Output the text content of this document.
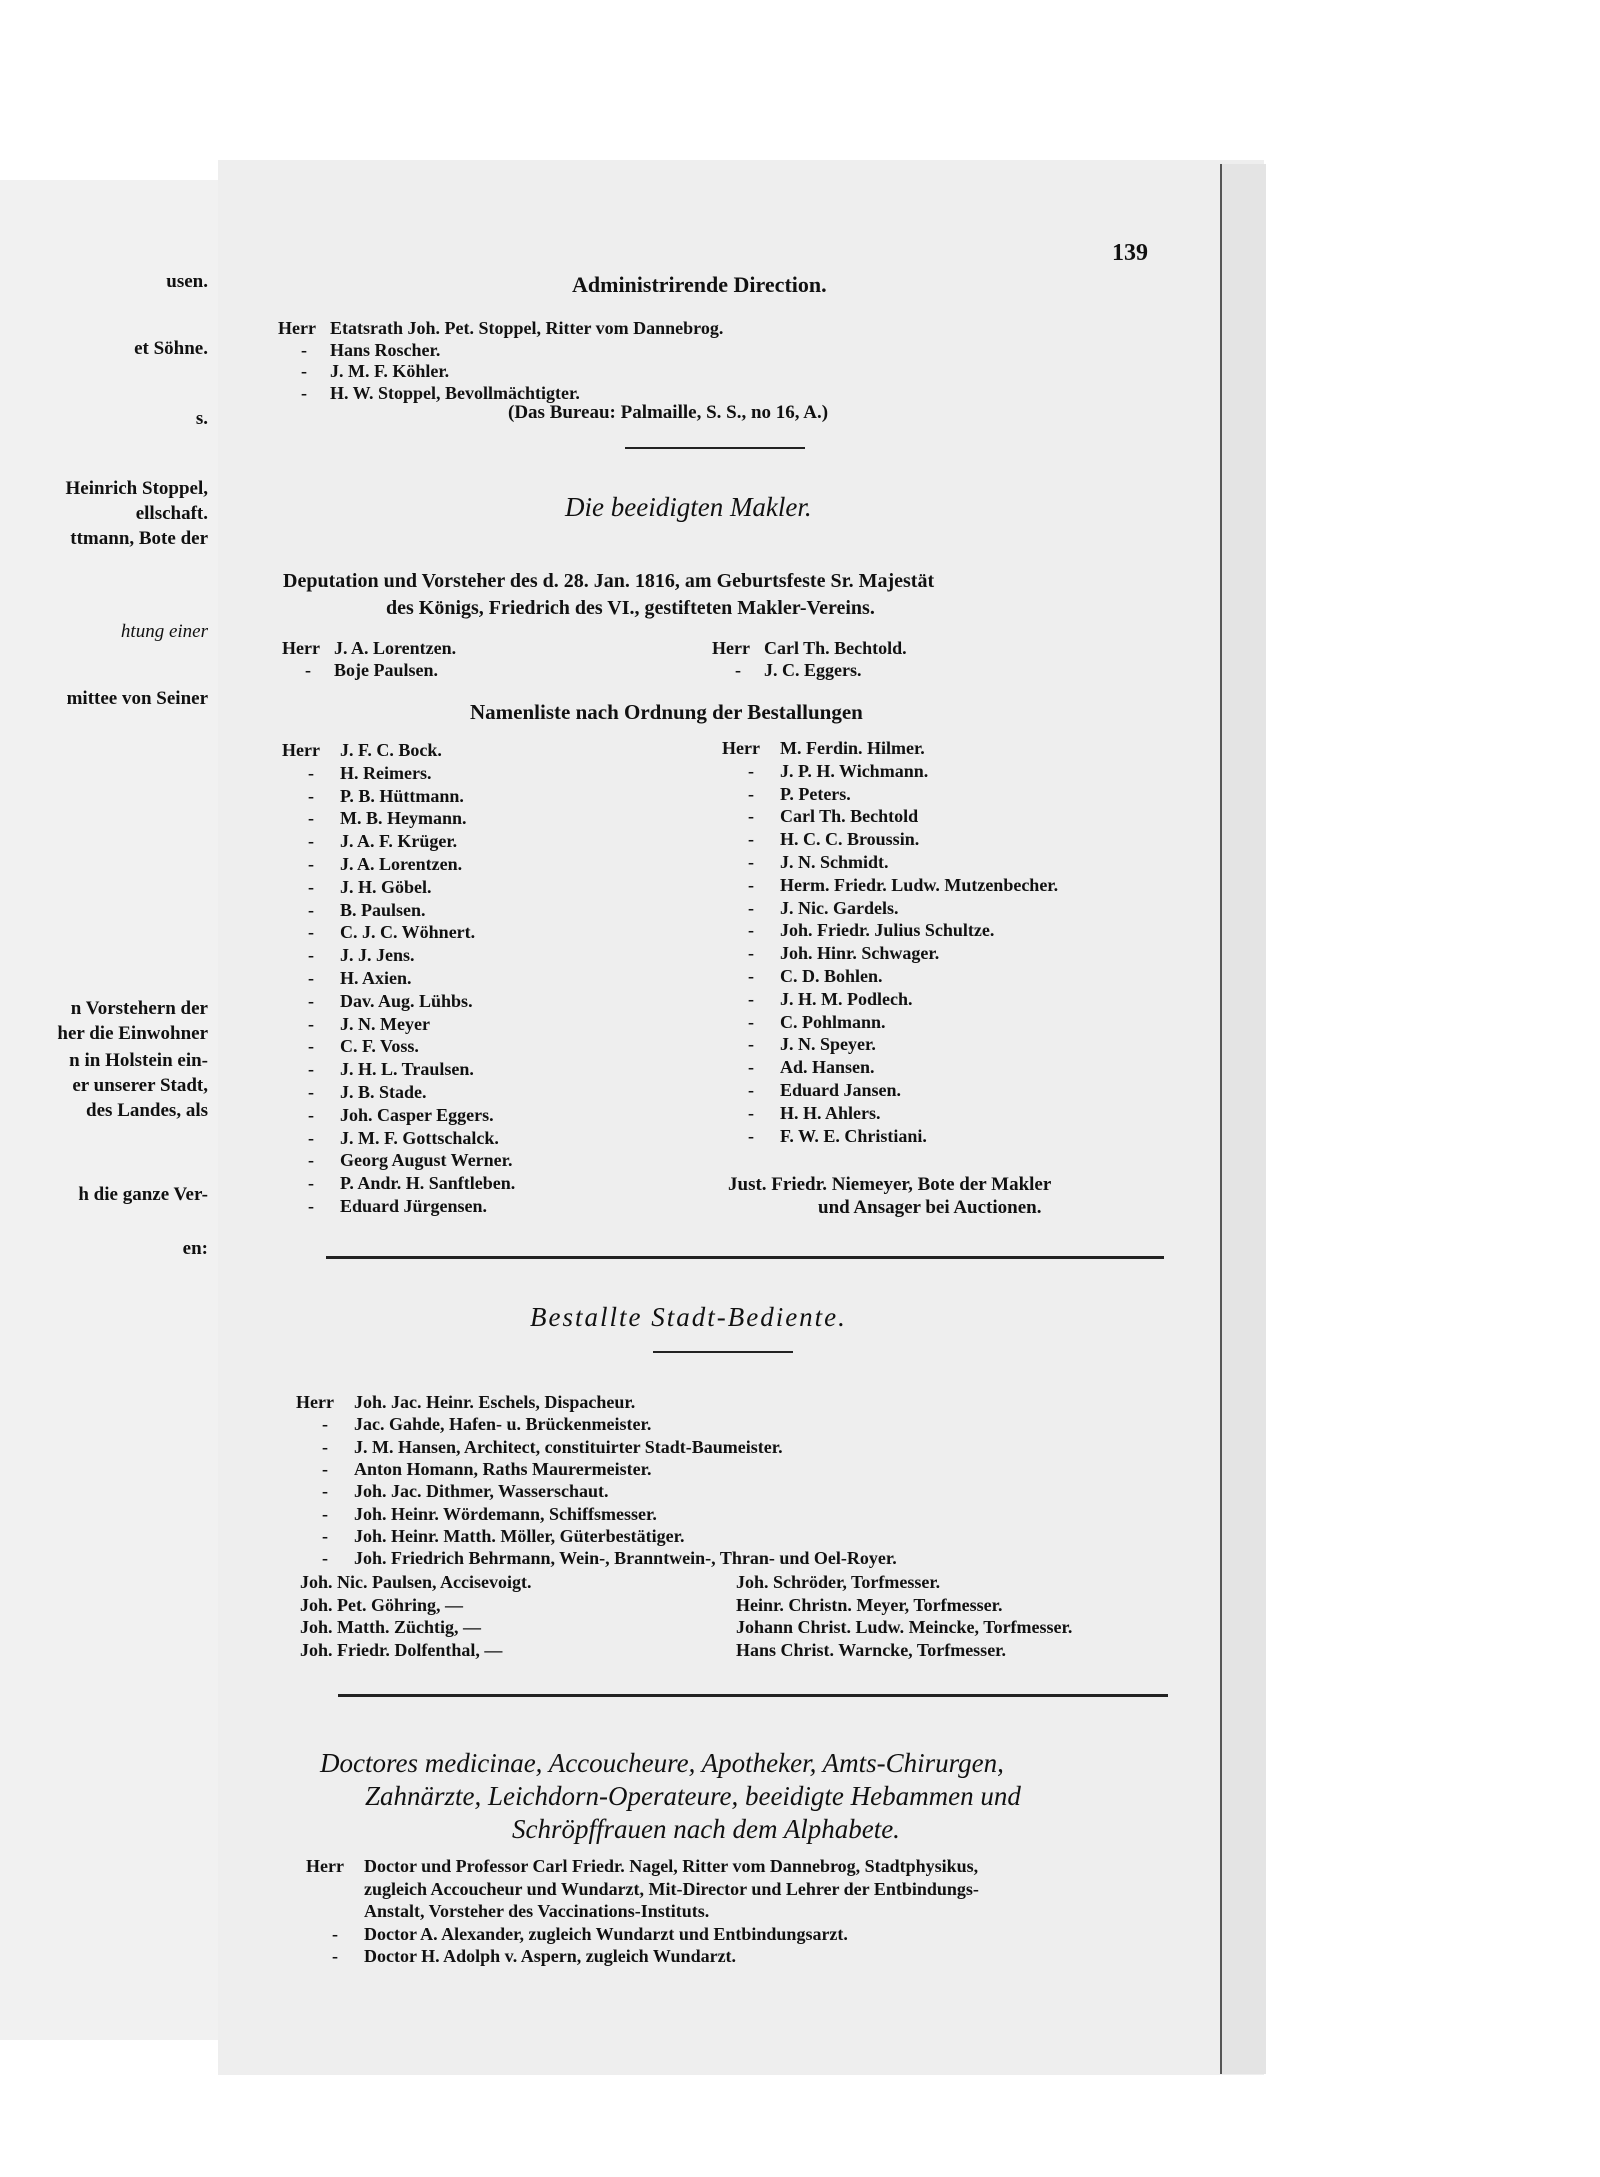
usen.
et Söhne.
s.
Heinrich Stoppel,
ellschaft.
ttmann, Bote der
htung einer
mittee von Seiner
n Vorstehern der
her die Einwohner
n in Holstein ein-
er unserer Stadt,
des Landes, als
h die ganze Ver-
en:
139
Administrirende Direction.
Herr Etatsrath Joh. Pet. Stoppel, Ritter vom Dannebrog.
- Hans Roscher.
- J. M. F. Köhler.
- H. W. Stoppel, Bevollmächtigter.
(Das Bureau: Palmaille, S. S., no 16, A.)
Die beeidigten Makler.
Deputation und Vorsteher des d. 28. Jan. 1816, am Geburtsfeste Sr. Majestät
des Königs, Friedrich des VI., gestifteten Makler-Vereins.
Herr J. A. Lorentzen.
- Boje Paulsen.
Herr Carl Th. Bechtold.
- J. C. Eggers.
Namenliste nach Ordnung der Bestallungen
Herr J. F. C. Bock.
- H. Reimers.
- P. B. Hüttmann.
- M. B. Heymann.
- J. A. F. Krüger.
- J. A. Lorentzen.
- J. H. Göbel.
- B. Paulsen.
- C. J. C. Wöhnert.
- J. J. Jens.
- H. Axien.
- Dav. Aug. Lühbs.
- J. N. Meyer
- C. F. Voss.
- J. H. L. Traulsen.
- J. B. Stade.
- Joh. Casper Eggers.
- J. M. F. Gottschalck.
- Georg August Werner.
- P. Andr. H. Sanftleben.
- Eduard Jürgensen.
Herr M. Ferdin. Hilmer.
- J. P. H. Wichmann.
- P. Peters.
- Carl Th. Bechtold
- H. C. C. Broussin.
- J. N. Schmidt.
- Herm. Friedr. Ludw. Mutzenbecher.
- J. Nic. Gardels.
- Joh. Friedr. Julius Schultze.
- Joh. Hinr. Schwager.
- C. D. Bohlen.
- J. H. M. Podlech.
- C. Pohlmann.
- J. N. Speyer.
- Ad. Hansen.
- Eduard Jansen.
- H. H. Ahlers.
- F. W. E. Christiani.
Just. Friedr. Niemeyer, Bote der Makler
und Ansager bei Auctionen.
Bestallte Stadt-Bediente.
Herr Joh. Jac. Heinr. Eschels, Dispacheur.
- Jac. Gahde, Hafen- u. Brückenmeister.
- J. M. Hansen, Architect, constituirter Stadt-Baumeister.
- Anton Homann, Raths Maurermeister.
- Joh. Jac. Dithmer, Wasserschaut.
- Joh. Heinr. Wördemann, Schiffsmesser.
- Joh. Heinr. Matth. Möller, Güterbestätiger.
- Joh. Friedrich Behrmann, Wein-, Branntwein-, Thran- und Oel-Royer.
Joh. Nic. Paulsen, Accisevoigt.
Joh. Pet. Göhring, —
Joh. Matth. Züchtig, —
Joh. Friedr. Dolfenthal, —
Joh. Schröder, Torfmesser.
Heinr. Christn. Meyer, Torfmesser.
Johann Christ. Ludw. Meincke, Torfmesser.
Hans Christ. Warncke, Torfmesser.
Doctores medicinae, Accoucheure, Apotheker, Amts-Chirurgen,
Zahnärzte, Leichdorn-Operateure, beeidigte Hebammen und
Schröpffrauen nach dem Alphabete.
Herr Doctor und Professor Carl Friedr. Nagel, Ritter vom Dannebrog, Stadtphysikus,
zugleich Accoucheur und Wundarzt, Mit-Director und Lehrer der Entbindungs-
Anstalt, Vorsteher des Vaccinations-Instituts.
- Doctor A. Alexander, zugleich Wundarzt und Entbindungsarzt.
- Doctor H. Adolph v. Aspern, zugleich Wundarzt.
